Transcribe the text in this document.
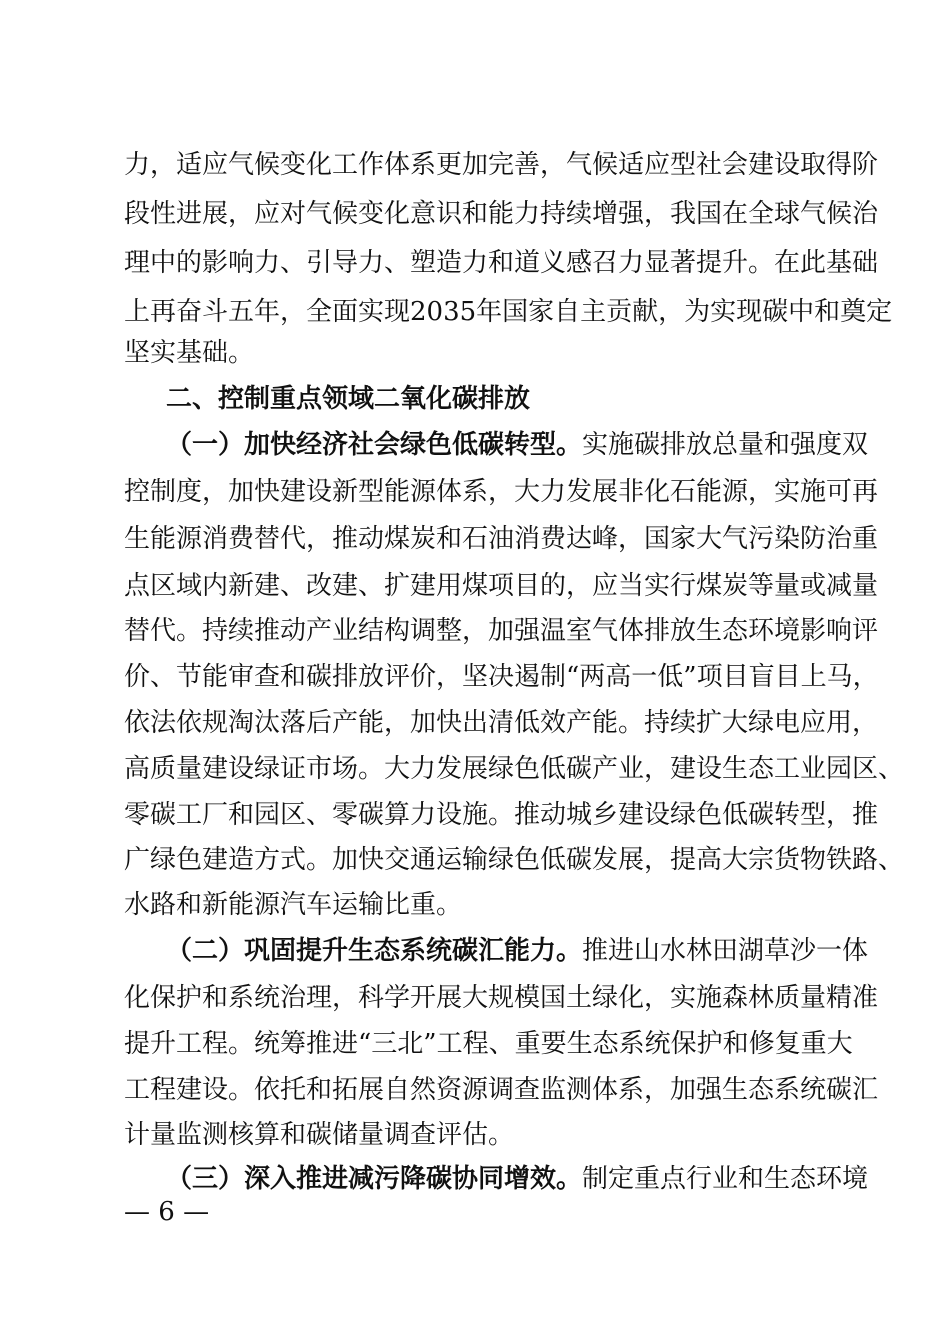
力，适应气候变化工作体系更加完善，气候适应型社会建设取得阶
段性进展，应对气候变化意识和能力持续增强，我国在全球气候治
理中的影响力、引导力、塑造力和道义感召力显著提升。在此基础
上再奋斗五年，全面实现2035年国家自主贡献，为实现碳中和奠定
坚实基础。
二、控制重点领域二氧化碳排放
（一）加快经济社会绿色低碳转型。实施碳排放总量和强度双
控制度，加快建设新型能源体系，大力发展非化石能源，实施可再
生能源消费替代，推动煤炭和石油消费达峰，国家大气污染防治重
点区域内新建、改建、扩建用煤项目的，应当实行煤炭等量或减量
替代。持续推动产业结构调整，加强温室气体排放生态环境影响评
价、节能审查和碳排放评价，坚决遏制“两高一低”项目盲目上马，
依法依规淘汰落后产能，加快出清低效产能。持续扩大绿电应用，
高质量建设绿证市场。大力发展绿色低碳产业，建设生态工业园区、
零碳工厂和园区、零碳算力设施。推动城乡建设绿色低碳转型，推
广绿色建造方式。加快交通运输绿色低碳发展，提高大宗货物铁路、
水路和新能源汽车运输比重。
（二）巩固提升生态系统碳汇能力。推进山水林田湖草沙一体
化保护和系统治理，科学开展大规模国土绿化，实施森林质量精准
提升工程。统筹推进“三北”工程、重要生态系统保护和修复重大
工程建设。依托和拓展自然资源调查监测体系，加强生态系统碳汇
计量监测核算和碳储量调查评估。
（三）深入推进减污降碳协同增效。制定重点行业和生态环境
— 6 —
